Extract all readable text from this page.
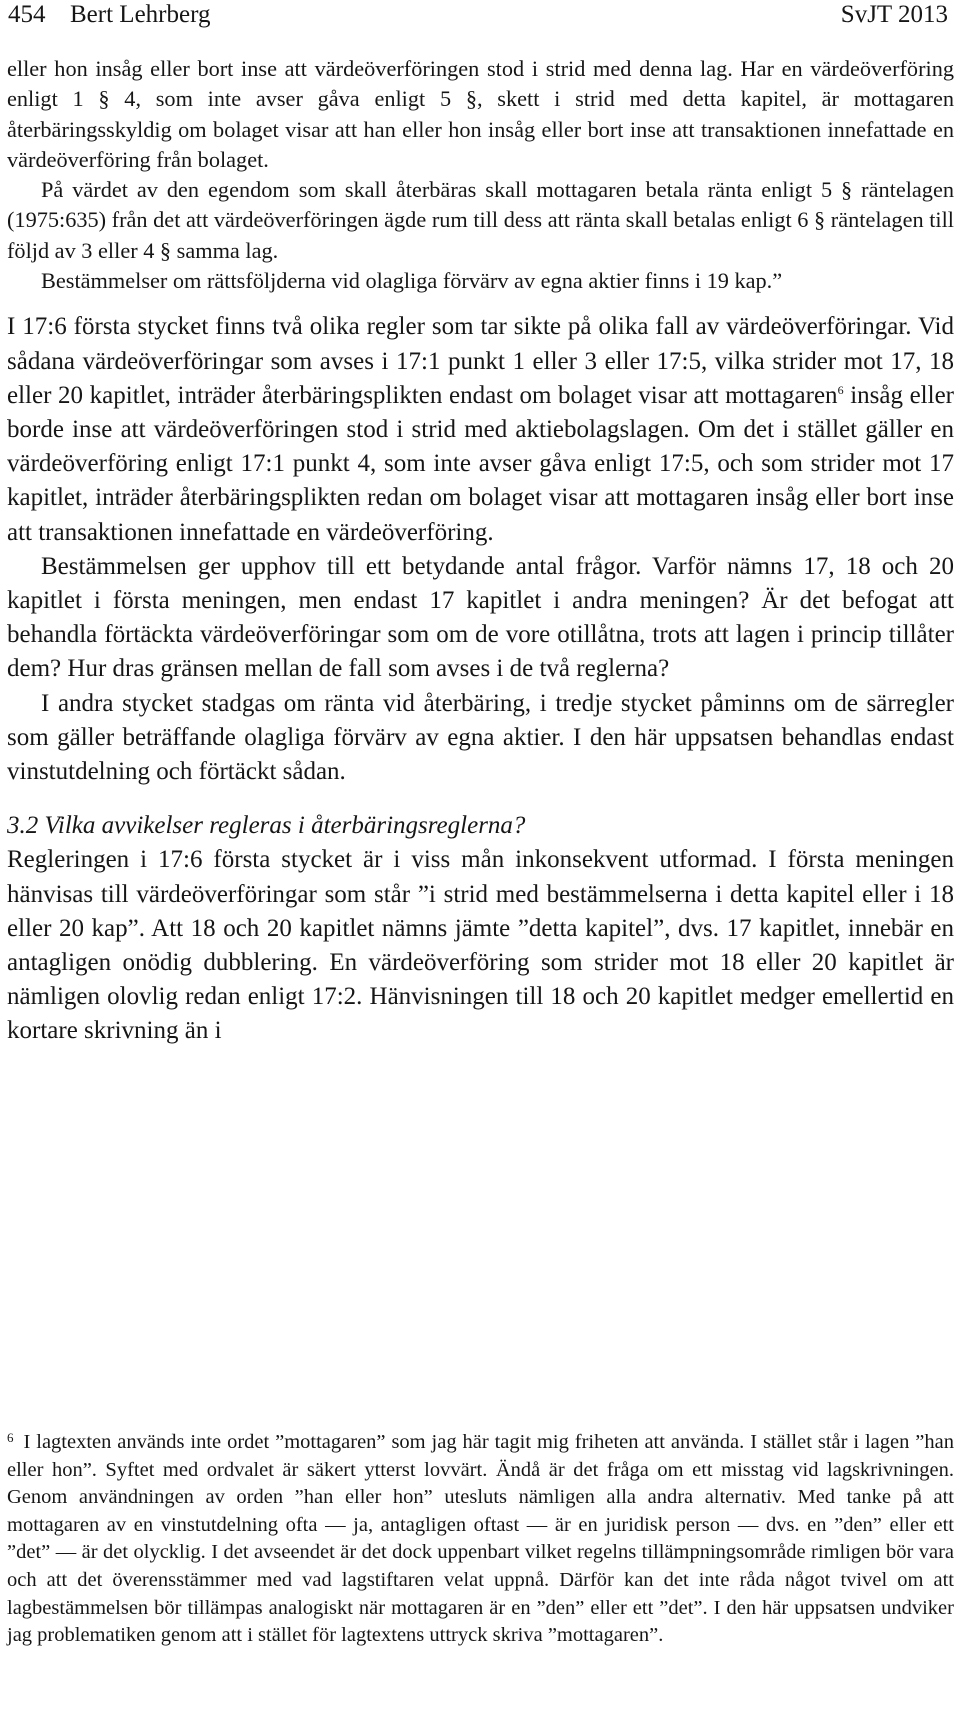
454 Bert Lehrberg	SvJT 2013

eller hon insåg eller bort inse att värdeöverföringen stod i strid med denna lag. Har en värdeöverföring enligt 1 § 4, som inte avser gåva enligt 5 §, skett i strid med detta kapitel, är mottagaren återbäringsskyldig om bolaget visar att han eller hon insåg eller bort inse att transaktionen innefattade en värdeöverföring från bolaget.

På värdet av den egendom som skall återbäras skall mottagaren betala ränta enligt 5 § räntelagen (1975:635) från det att värdeöverföringen ägde rum till dess att ränta skall betalas enligt 6 § räntelagen till följd av 3 eller 4 § samma lag.

Bestämmelser om rättsföljderna vid olagliga förvärv av egna aktier finns i 19 kap.”

I 17:6 första stycket finns två olika regler som tar sikte på olika fall av värdeöverföringar. Vid sådana värdeöverföringar som avses i 17:1 punkt 1 eller 3 eller 17:5, vilka strider mot 17, 18 eller 20 kapitlet, inträder återbäringsplikten endast om bolaget visar att mottagaren$^6$ insåg eller borde inse att värdeöverföringen stod i strid med aktiebolagslagen. Om det i stället gäller en värdeöverföring enligt 17:1 punkt 4, som inte avser gåva enligt 17:5, och som strider mot 17 kapitlet, inträder återbäringsplikten redan om bolaget visar att mottagaren insåg eller bort inse att transaktionen innefattade en värdeöverföring.

Bestämmelsen ger upphov till ett betydande antal frågor. Varför nämns 17, 18 och 20 kapitlet i första meningen, men endast 17 kapitlet i andra meningen? Är det befogat att behandla förtäckta värdeöverföringar som om de vore otillåtna, trots att lagen i princip tillåter dem? Hur dras gränsen mellan de fall som avses i de två reglerna?

I andra stycket stadgas om ränta vid återbäring, i tredje stycket påminns om de särregler som gäller beträffande olagliga förvärv av egna aktier. I den här uppsatsen behandlas endast vinstutdelning och förtäckt sådan.

3.2 Vilka avvikelser regleras i återbäringsreglerna?

Regleringen i 17:6 första stycket är i viss mån inkonsekvent utformad. I första meningen hänvisas till värdeöverföringar som står ”i strid med bestämmelserna i detta kapitel eller i 18 eller 20 kap”. Att 18 och 20 kapitlet nämns jämte ”detta kapitel”, dvs. 17 kapitlet, innebär en antagligen onödig dubblering. En värdeöverföring som strider mot 18 eller 20 kapitlet är nämligen olovlig redan enligt 17:2. Hänvisningen till 18 och 20 kapitlet medger emellertid en kortare skrivning än i

$^6$ I lagtexten används inte ordet ”mottagaren” som jag här tagit mig friheten att använda. I stället står i lagen ”han eller hon”. Syftet med ordvalet är säkert ytterst lovvärt. Ändå är det fråga om ett misstag vid lagskrivningen. Genom användningen av orden ”han eller hon” utesluts nämligen alla andra alternativ. Med tanke på att mottagaren av en vinstutdelning ofta — ja, antagligen oftast — är en juridisk person — dvs. en ”den” eller ett ”det” — är det olycklig. I det avseendet är det dock uppenbart vilket regelns tillämpningsområde rimligen bör vara och att det överensstämmer med vad lagstiftaren velat uppnå. Därför kan det inte råda något tvivel om att lagbestämmelsen bör tillämpas analogiskt när mottagaren är en ”den” eller ett ”det”. I den här uppsatsen undviker jag problematiken genom att i stället för lagtextens uttryck skriva ”mottagaren”.
